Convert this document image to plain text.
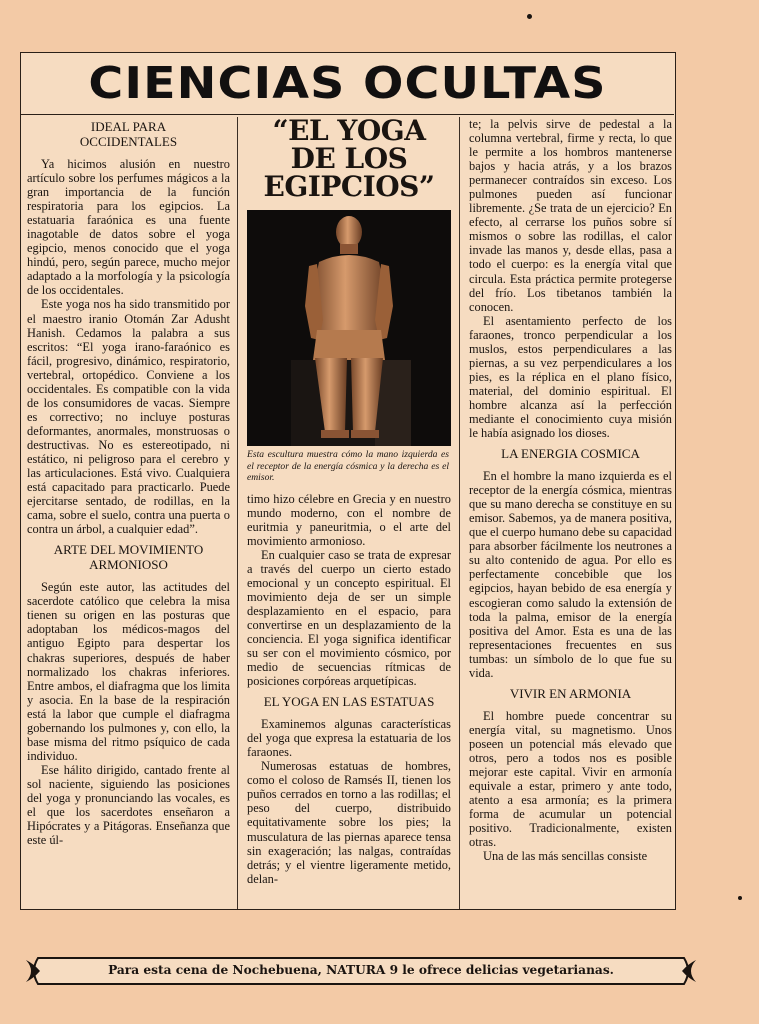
CIENCIAS OCULTAS
IDEAL PARA OCCIDENTALES

Ya hicimos alusión en nuestro artículo sobre los perfumes mágicos a la gran importancia de la función respiratoria para los egipcios. La estatuaria faraónica es una fuente inagotable de datos sobre el yoga egipcio, menos conocido que el yoga hindú, pero, según parece, mucho mejor adaptado a la morfología y la psicología de los occidentales.

Este yoga nos ha sido transmitido por el maestro iranio Otomán Zar Adusht Hanish. Cedamos la palabra a sus escritos: “El yoga irano-faraónico es fácil, progresivo, dinámico, respiratorio, vertebral, ortopédico. Conviene a los occidentales. Es compatible con la vida de los consumidores de vacas. Siempre es correctivo; no incluye posturas deformantes, anormales, monstruosas o destructivas. No es estereotipado, ni estático, ni peligroso para el cerebro y las articulaciones. Está vivo. Cualquiera está capacitado para practicarlo. Puede ejercitarse sentado, de rodillas, en la cama, sobre el suelo, contra una puerta o contra un árbol, a cualquier edad”.

ARTE DEL MOVIMIENTO ARMONIOSO

Según este autor, las actitudes del sacerdote católico que celebra la misa tienen su origen en las posturas que adoptaban los médicos-magos del antiguo Egipto para despertar los chakras superiores, después de haber normalizado los chakras inferiores. Entre ambos, el diafragma que los limita y asocia. En la base de la respiración está la labor que cumple el diafragma gobernando los pulmones y, con ello, la base misma del ritmo psíquico de cada individuo.

Ese hálito dirigido, cantado frente al sol naciente, siguiendo las posiciones del yoga y pronunciando las vocales, es el que los sacerdotes enseñaron a Hipócrates y a Pitágoras. Enseñanza que este úl-

“EL YOGA DE LOS EGIPCIOS”
Esta escultura muestra cómo la mano izquierda es el receptor de la energía cósmica y la derecha es el emisor.

timo hizo célebre en Grecia y en nuestro mundo moderno, con el nombre de euritmia y paneuritmia, o el arte del movimiento armonioso.

En cualquier caso se trata de expresar a través del cuerpo un cierto estado emocional y un concepto espiritual. El movimiento deja de ser un simple desplazamiento en el espacio, para convertirse en un desplazamiento de la conciencia. El yoga significa identificar su ser con el movimiento cósmico, por medio de secuencias rítmicas de posiciones corpóreas arquetípicas.

EL YOGA EN LAS ESTATUAS

Examinemos algunas características del yoga que expresa la estatuaria de los faraones.

Numerosas estatuas de hombres, como el coloso de Ramsés II, tienen los puños cerrados en torno a las rodillas; el peso del cuerpo, distribuido equitativamente sobre los pies; la musculatura de las piernas aparece tensa sin exageración; las nalgas, contraídas detrás; y el vientre ligeramente metido, delan-

te; la pelvis sirve de pedestal a la columna vertebral, firme y recta, lo que le permite a los hombros mantenerse bajos y hacia atrás, y a los brazos permanecer contraídos sin exceso. Los pulmones pueden así funcionar libremente. ¿Se trata de un ejercicio? En efecto, al cerrarse los puños sobre sí mismos o sobre las rodillas, el calor invade las manos y, desde ellas, pasa a todo el cuerpo: es la energía vital que circula. Esta práctica permite protegerse del frío. Los tibetanos también la conocen.

El asentamiento perfecto de los faraones, tronco perpendicular a los muslos, estos perpendiculares a las piernas, a su vez perpendiculares a los pies, es la réplica en el plano físico, material, del dominio espiritual. El hombre alcanza así la perfección mediante el conocimiento cuya misión le había asignado los dioses.

LA ENERGIA COSMICA

En el hombre la mano izquierda es el receptor de la energía cósmica, mientras que su mano derecha se constituye en su emisor. Sabemos, ya de manera positiva, que el cuerpo humano debe su capacidad para absorber fácilmente los neutrones a su alto contenido de agua. Por ello es perfectamente concebible que los egipcios, hayan bebido de esa energía y escogieran como saludo la extensión de toda la palma, emisor de la energía positiva del Amor. Esta es una de las representaciones frecuentes en sus tumbas: un símbolo de lo que fue su vida.

VIVIR EN ARMONIA

El hombre puede concentrar su energía vital, su magnetismo. Unos poseen un potencial más elevado que otros, pero a todos nos es posible mejorar este capital. Vivir en armonía equivale a estar, primero y ante todo, atento a esa armonía; es la primera forma de acumular un potencial positivo. Tradicionalmente, existen otras.

Una de las más sencillas consiste

Para esta cena de Nochebuena, NATURA 9 le ofrece delicias vegetarianas.
